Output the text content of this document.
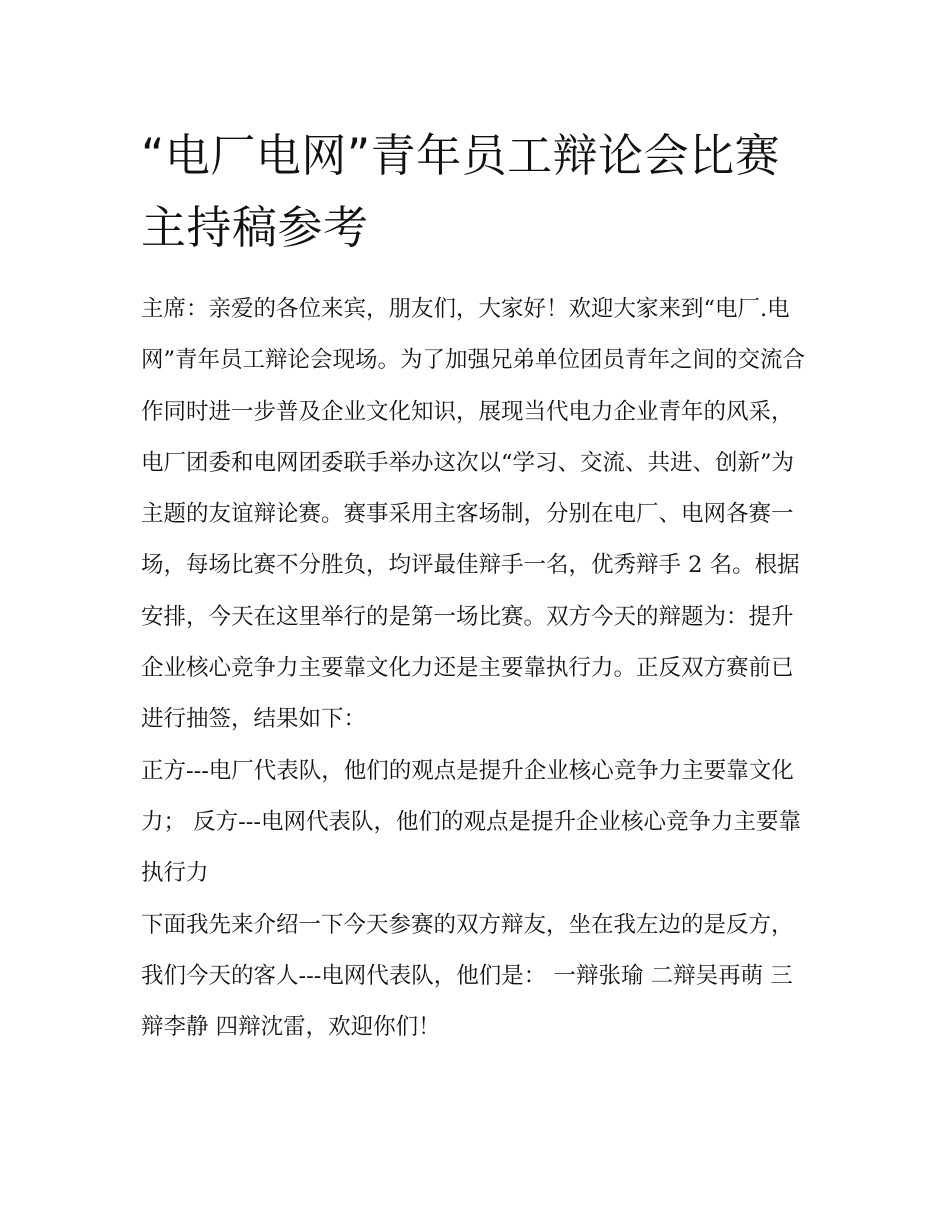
“电厂电网”青年员工辩论会比赛主持稿参考

主席：亲爱的各位来宾，朋友们，大家好！欢迎大家来到“电厂.电网”青年员工辩论会现场。为了加强兄弟单位团员青年之间的交流合作同时进一步普及企业文化知识，展现当代电力企业青年的风采，电厂团委和电网团委联手举办这次以“学习、交流、共进、创新”为主题的友谊辩论赛。赛事采用主客场制，分别在电厂、电网各赛一场，每场比赛不分胜负，均评最佳辩手一名，优秀辩手 2 名。根据安排，今天在这里举行的是第一场比赛。双方今天的辩题为：提升企业核心竞争力主要靠文化力还是主要靠执行力。正反双方赛前已进行抽签，结果如下：

正方---电厂代表队，他们的观点是提升企业核心竞争力主要靠文化力； 反方---电网代表队，他们的观点是提升企业核心竞争力主要靠执行力

下面我先来介绍一下今天参赛的双方辩友，坐在我左边的是反方，我们今天的客人---电网代表队，他们是： 一辩张瑜 二辩吴再萌 三辩李静 四辩沈雷，欢迎你们！
